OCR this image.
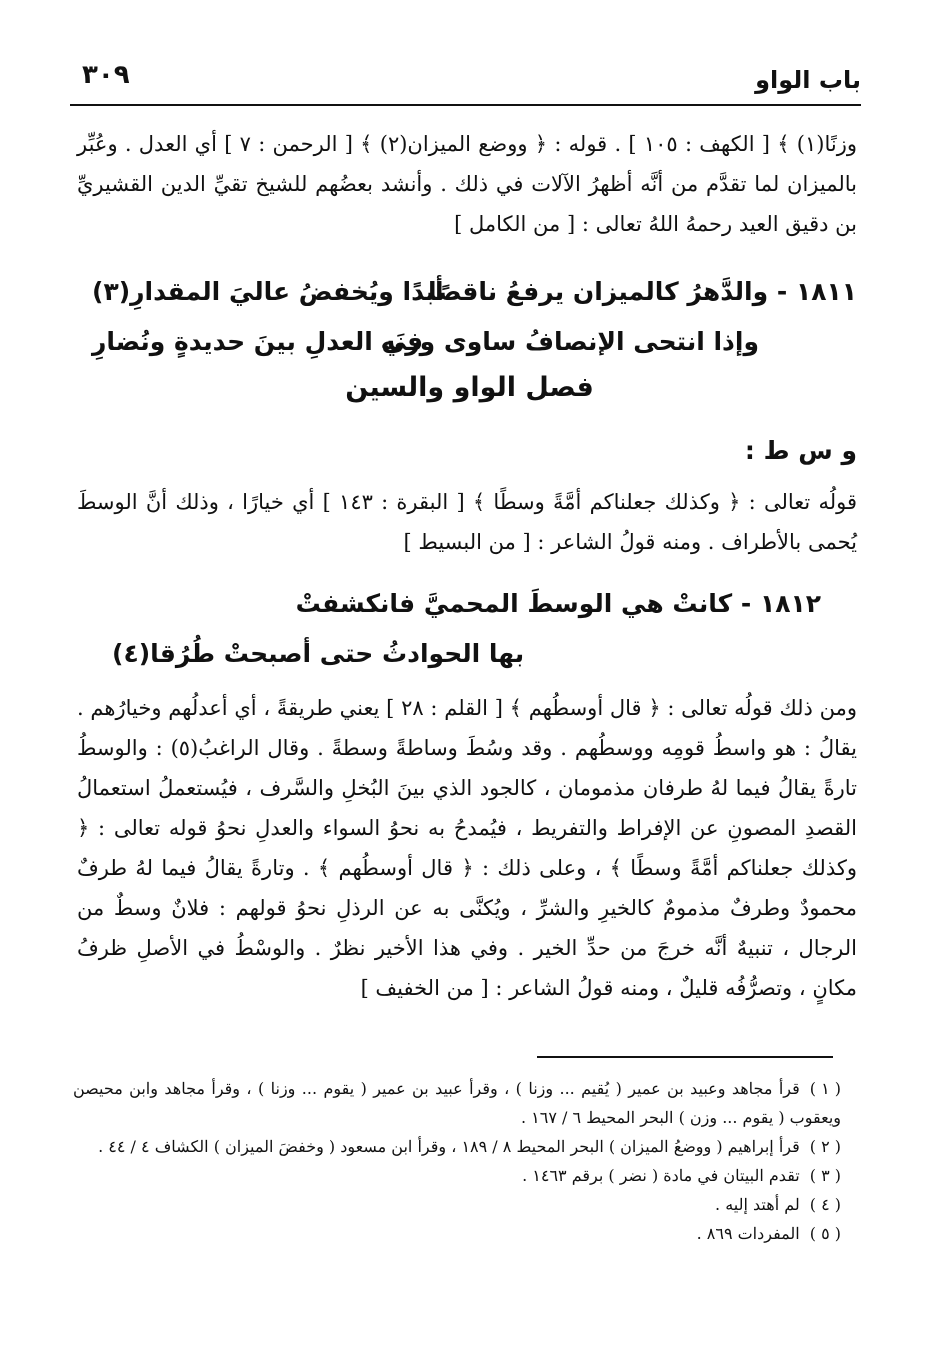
باب الواو
٣٠٩
وزنًا(١) ﴾ [ الكهف : ١٠٥ ] . قوله : ﴿ ووضع الميزان(٢) ﴾ [ الرحمن : ٧ ] أي العدل . وعُبِّر بالميزان لما تقدَّم من أنَّه أظهرُ الآلات في ذلك . وأنشد بعضُهم للشيخ تقيِّ الدين القشيريِّ بن دقيق العيد رحمهُ اللهُ تعالى : [ من الكامل ]
١٨١١ - والدَّهرُ كالميزان يرفعُ ناقصًا
أبدًا ويُخفضُ عاليَ المقدارِ(٣)
وإذا انتحى الإنصافُ ساوى وزنَه
في العدلِ بينَ حديدةٍ ونُضارِ
فصل الواو والسين
و س ط :
قولُه تعالى : ﴿ وكذلك جعلناكم أمَّةً وسطًا ﴾ [ البقرة : ١٤٣ ] أي خيارًا ، وذلك أنَّ الوسطَ يُحمى بالأطراف . ومنه قولُ الشاعر : [ من البسيط ]
١٨١٢ - كانتْ هي الوسطَ المحميَّ فانكشفتْ
بها الحوادثُ حتى أصبحتْ طُرُقا(٤)
ومن ذلك قولُه تعالى : ﴿ قال أوسطُهم ﴾ [ القلم : ٢٨ ] يعني طريقةً ، أي أعدلُهم وخيارُهم . يقالُ : هو واسطُ قومِه ووسطُهم . وقد وسُطَ وساطةً وسطةً . وقال الراغبُ(٥) : والوسطُ تارةً يقالُ فيما لهُ طرفان مذمومان ، كالجود الذي بينَ البُخلِ والسَّرف ، فيُستعملُ استعمالُ القصدِ المصونِ عن الإفراط والتفريط ، فيُمدحُ به نحوُ السواء والعدلِ نحوُ قوله تعالى : ﴿ وكذلك جعلناكم أمَّةً وسطًا ﴾ ، وعلى ذلك : ﴿ قال أوسطُهم ﴾ . وتارةً يقالُ فيما لهُ طرفٌ محمودٌ وطرفٌ مذمومٌ كالخيرِ والشرِّ ، ويُكنَّى به عن الرذلِ نحوُ قولهم : فلانٌ وسطٌ من الرجال ، تنبيهٌ أنَّه خرجَ من حدِّ الخير . وفي هذا الأخير نظرٌ . والوسْطُ في الأصلِ ظرفُ مكانٍ ، وتصرُّفُه قليلٌ ، ومنه قولُ الشاعر : [ من الخفيف ]

( ١ )قرأ مجاهد وعبيد بن عمير ( يُقيم ... وزنا ) ، وقرأ عبيد بن عمير ( يقوم ... وزنا ) ، وقرأ مجاهد وابن محيصن ويعقوب ( يقوم ... وزن ) البحر المحيط ٦ / ١٦٧ .

( ٢ )قرأ إبراهيم ( ووضعُ الميزان ) البحر المحيط ٨ / ١٨٩ ، وقرأ ابن مسعود ( وخفضَ الميزان ) الكشاف ٤ / ٤٤ .

( ٣ )تقدم البيتان في مادة ( نضر ) برقم ١٤٦٣ .

( ٤ )لم أهتد إليه .

( ٥ )المفردات ٨٦٩ .
